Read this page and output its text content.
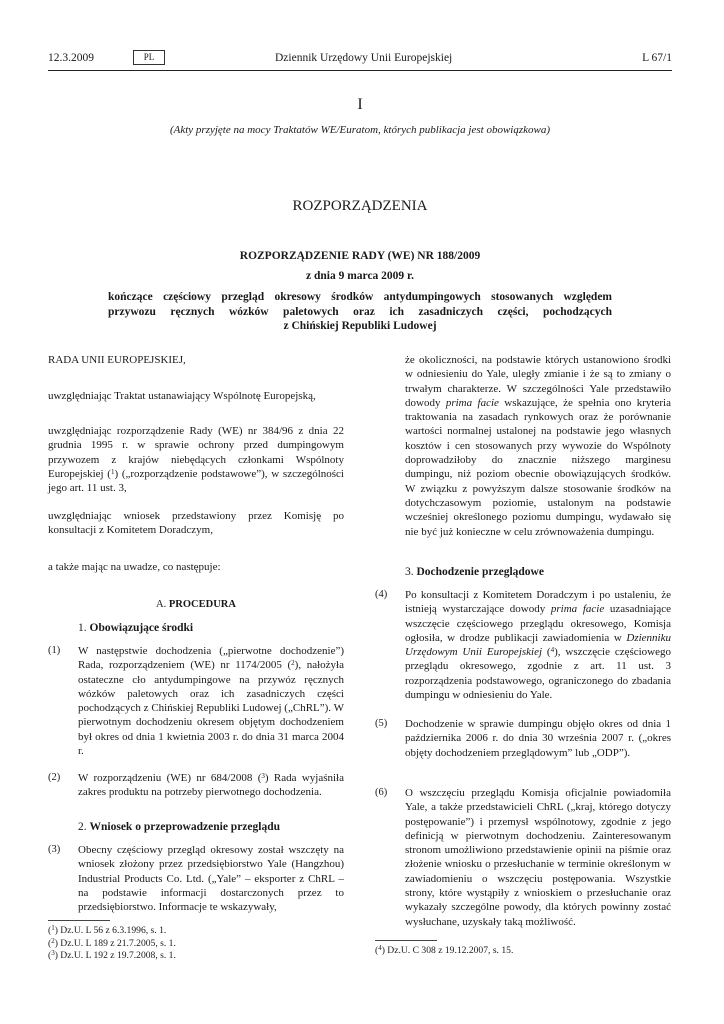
12.3.2009	PL	Dziennik Urzędowy Unii Europejskiej	L 67/1
I
(Akty przyjęte na mocy Traktatów WE/Euratom, których publikacja jest obowiązkowa)
ROZPORZĄDZENIA
ROZPORZĄDZENIE RADY (WE) NR 188/2009
z dnia 9 marca 2009 r.
kończące częściowy przegląd okresowy środków antydumpingowych stosowanych względem
przywozu ręcznych wózków paletowych oraz ich zasadniczych części, pochodzących
z Chińskiej Republiki Ludowej

RADA UNII EUROPEJSKIEJ,

uwzględniając Traktat ustanawiający Wspólnotę Europejską,

uwzględniając rozporządzenie Rady (WE) nr 384/96 z dnia 22 grudnia 1995 r. w sprawie ochrony przed dumpingowym przywozem z krajów niebędących członkami Wspólnoty Europejskiej ($^1$) („rozporządzenie podstawowe”), w szczególności jego art. 11 ust. 3,

uwzględniając wniosek przedstawiony przez Komisję po konsultacji z Komitetem Doradczym,

a także mając na uwadze, co następuje:

A. PROCEDURA
1. Obowiązujące środki
(1)	W następstwie dochodzenia („pierwotne dochodzenie”) Rada, rozporządzeniem (WE) nr 1174/2005 ($^2$), nałożyła ostateczne cło antydumpingowe na przywóz ręcznych wózków paletowych oraz ich zasadniczych części pochodzących z Chińskiej Republiki Ludowej („ChRL”). W pierwotnym dochodzeniu okresem objętym dochodzeniem był okres od dnia 1 kwietnia 2003 r. do dnia 31 marca 2004 r.
(2)	W rozporządzeniu (WE) nr 684/2008 ($^3$) Rada wyjaśniła zakres produktu na potrzeby pierwotnego dochodzenia.
2. Wniosek o przeprowadzenie przeglądu
(3)	Obecny częściowy przegląd okresowy został wszczęty na wniosek złożony przez przedsiębiorstwo Yale (Hangzhou) Industrial Products Co. Ltd. („Yale” – eksporter z ChRL – na podstawie informacji dostarczonych przez to przedsiębiorstwo. Informacje te wskazywały,
($^1$) Dz.U. L 56 z 6.3.1996, s. 1.
($^2$) Dz.U. L 189 z 21.7.2005, s. 1.
($^3$) Dz.U. L 192 z 19.7.2008, s. 1.
że okoliczności, na podstawie których ustanowiono środki w odniesieniu do Yale, uległy zmianie i że są to zmiany o trwałym charakterze. W szczególności Yale przedstawiło dowody prima facie wskazujące, że spełnia ono kryteria traktowania na zasadach rynkowych oraz że porównanie wartości normalnej ustalonej na podstawie jego własnych kosztów i cen stosowanych przy wywozie do Wspólnoty doprowadziłoby do znacznie niższego marginesu dumpingu, niż poziom obecnie obowiązujących środków. W związku z powyższym dalsze stosowanie środków na dotychczasowym poziomie, ustalonym na podstawie wcześniej określonego poziomu dumpingu, wydawało się nie być już konieczne w celu zrównoważenia dumpingu.
3. Dochodzenie przeglądowe
(4)	Po konsultacji z Komitetem Doradczym i po ustaleniu, że istnieją wystarczające dowody prima facie uzasadniające wszczęcie częściowego przeglądu okresowego, Komisja ogłosiła, w drodze publikacji zawiadomienia w Dzienniku Urzędowym Unii Europejskiej ($^4$), wszczęcie częściowego przeglądu okresowego, zgodnie z art. 11 ust. 3 rozporządzenia podstawowego, ograniczonego do zbadania dumpingu w odniesieniu do Yale.
(5)	Dochodzenie w sprawie dumpingu objęło okres od dnia 1 października 2006 r. do dnia 30 września 2007 r. („okres objęty dochodzeniem przeglądowym” lub „ODP”).
(6)	O wszczęciu przeglądu Komisja oficjalnie powiadomiła Yale, a także przedstawicieli ChRL („kraj, którego dotyczy postępowanie”) i przemysł wspólnotowy, zgodnie z jego definicją w pierwotnym dochodzeniu. Zainteresowanym stronom umożliwiono przedstawienie opinii na piśmie oraz złożenie wniosku o przesłuchanie w terminie określonym w zawiadomieniu o wszczęciu postępowania. Wszystkie strony, które wystąpiły z wnioskiem o przesłuchanie oraz wykazały szczególne powody, dla których powinny zostać wysłuchane, uzyskały taką możliwość.
($^4$) Dz.U. C 308 z 19.12.2007, s. 15.
